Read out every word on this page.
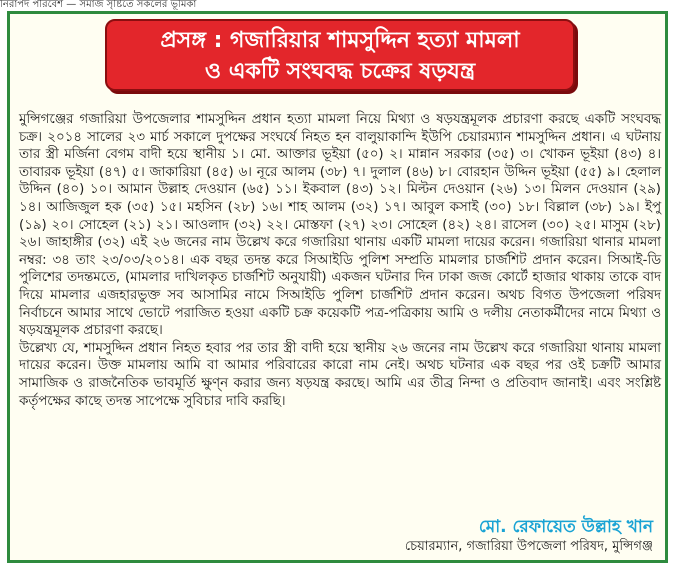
নিরাপদ পরিবেশ — সমাজ সৃষ্টিতে সকলের ভূমিকা
প্রসঙ্গ : গজারিয়ার শামসুদ্দিন হত্যা মামলা
ও একটি সংঘবদ্ধ চক্রের ষড়যন্ত্র

মুন্সিগঞ্জের গজারিয়া উপজেলার শামসুদ্দিন প্রধান হত্যা মামলা নিয়ে মিথ্যা ও ষড়যন্ত্রমূলক প্রচারণা করছে একটি সংঘবদ্ধ চক্র। ২০১৪ সালের ২৩ মার্চ সকালে দুপক্ষের সংঘর্ষে নিহত হন বালুয়াকান্দি ইউপি চেয়ারম্যান শামসুদ্দিন প্রধান। এ ঘটনায় তার স্ত্রী মর্জিনা বেগম বাদী হয়ে স্থানীয় ১। মো. আক্তার ভূইয়া (৫০) ২। মান্নান সরকার (৩৫) ৩। খোকন ভূইয়া (৪৩) ৪। তাবারক ভূইয়া (৪৭) ৫। জাকারিয়া (৪৫) ৬। নূরে আলম (৩৮) ৭। দুলাল (৪৬) ৮। বোরহান উদ্দিন ভূইয়া (৫৫) ৯। হেলাল উদ্দিন (৪০) ১০। আমান উল্লাহ দেওয়ান (৬৫) ১১। ইকবাল (৪৩) ১২। মিল্টন দেওয়ান (২৬) ১৩। মিলন দেওয়ান (২৯) ১৪। আজিজুল হক (৩৫) ১৫। মহসিন (২৮) ১৬। শাহ আলম (৩২) ১৭। আবুল কসাই (৩০) ১৮। বিল্লাল (৩৮) ১৯। ইপু (১৯) ২০। সোহেল (২১) ২১। আওলাদ (৩২) ২২। মোস্তফা (২৭) ২৩। সোহেল (৪২) ২৪। রাসেল (৩০) ২৫। মাসুম (২৮) ২৬। জাহাঙ্গীর (৩২) এই ২৬ জনের নাম উল্লেখ করে গজারিয়া থানায় একটি মামলা দায়ের করেন। গজারিয়া থানার মামলা নম্বর: ৩৪ তাং ২৩/০৩/২০১৪। এক বছর তদন্ত করে সিআইডি পুলিশ সম্প্রতি মামলার চার্জশিট প্রদান করেন। সিআই-ডি পুলিশের তদন্তমতে, (মামলার দাখিলকৃত চার্জশিট অনুযায়ী) একজন ঘটনার দিন ঢাকা জজ কোর্টে হাজার থাকায় তাকে বাদ দিয়ে মামলার এজহারভুক্ত সব আসামির নামে সিআইডি পুলিশ চার্জশিট প্রদান করেন। অথচ বিগত উপজেলা পরিষদ নির্বাচনে আমার সাথে ভোটে পরাজিত হওয়া একটি চক্র কয়েকটি পত্র-পত্রিকায় আমি ও দলীয় নেতাকর্মীদের নামে মিথ্যা ও ষড়যন্ত্রমূলক প্রচারণা করছে।

উল্লেখ্য যে, শামসুদ্দিন প্রধান নিহত হবার পর তার স্ত্রী বাদী হয়ে স্থানীয় ২৬ জনের নাম উল্লেখ করে গজারিয়া থানায় মামলা দায়ের করেন। উক্ত মামলায় আমি বা আমার পরিবারের কারো নাম নেই। অথচ ঘটনার এক বছর পর ওই চক্রটি আমার সামাজিক ও রাজনৈতিক ভাবমূর্তি ক্ষুণ্ন করার জন্য ষড়যন্ত্র করছে। আমি এর তীব্র নিন্দা ও প্রতিবাদ জানাই। এবং সংশ্লিষ্ট কর্তৃপক্ষের কাছে তদন্ত সাপেক্ষে সুবিচার দাবি করছি।

মো. রেফায়েত উল্লাহ খান
চেয়ারম্যান, গজারিয়া উপজেলা পরিষদ, মুন্সিগঞ্জ
